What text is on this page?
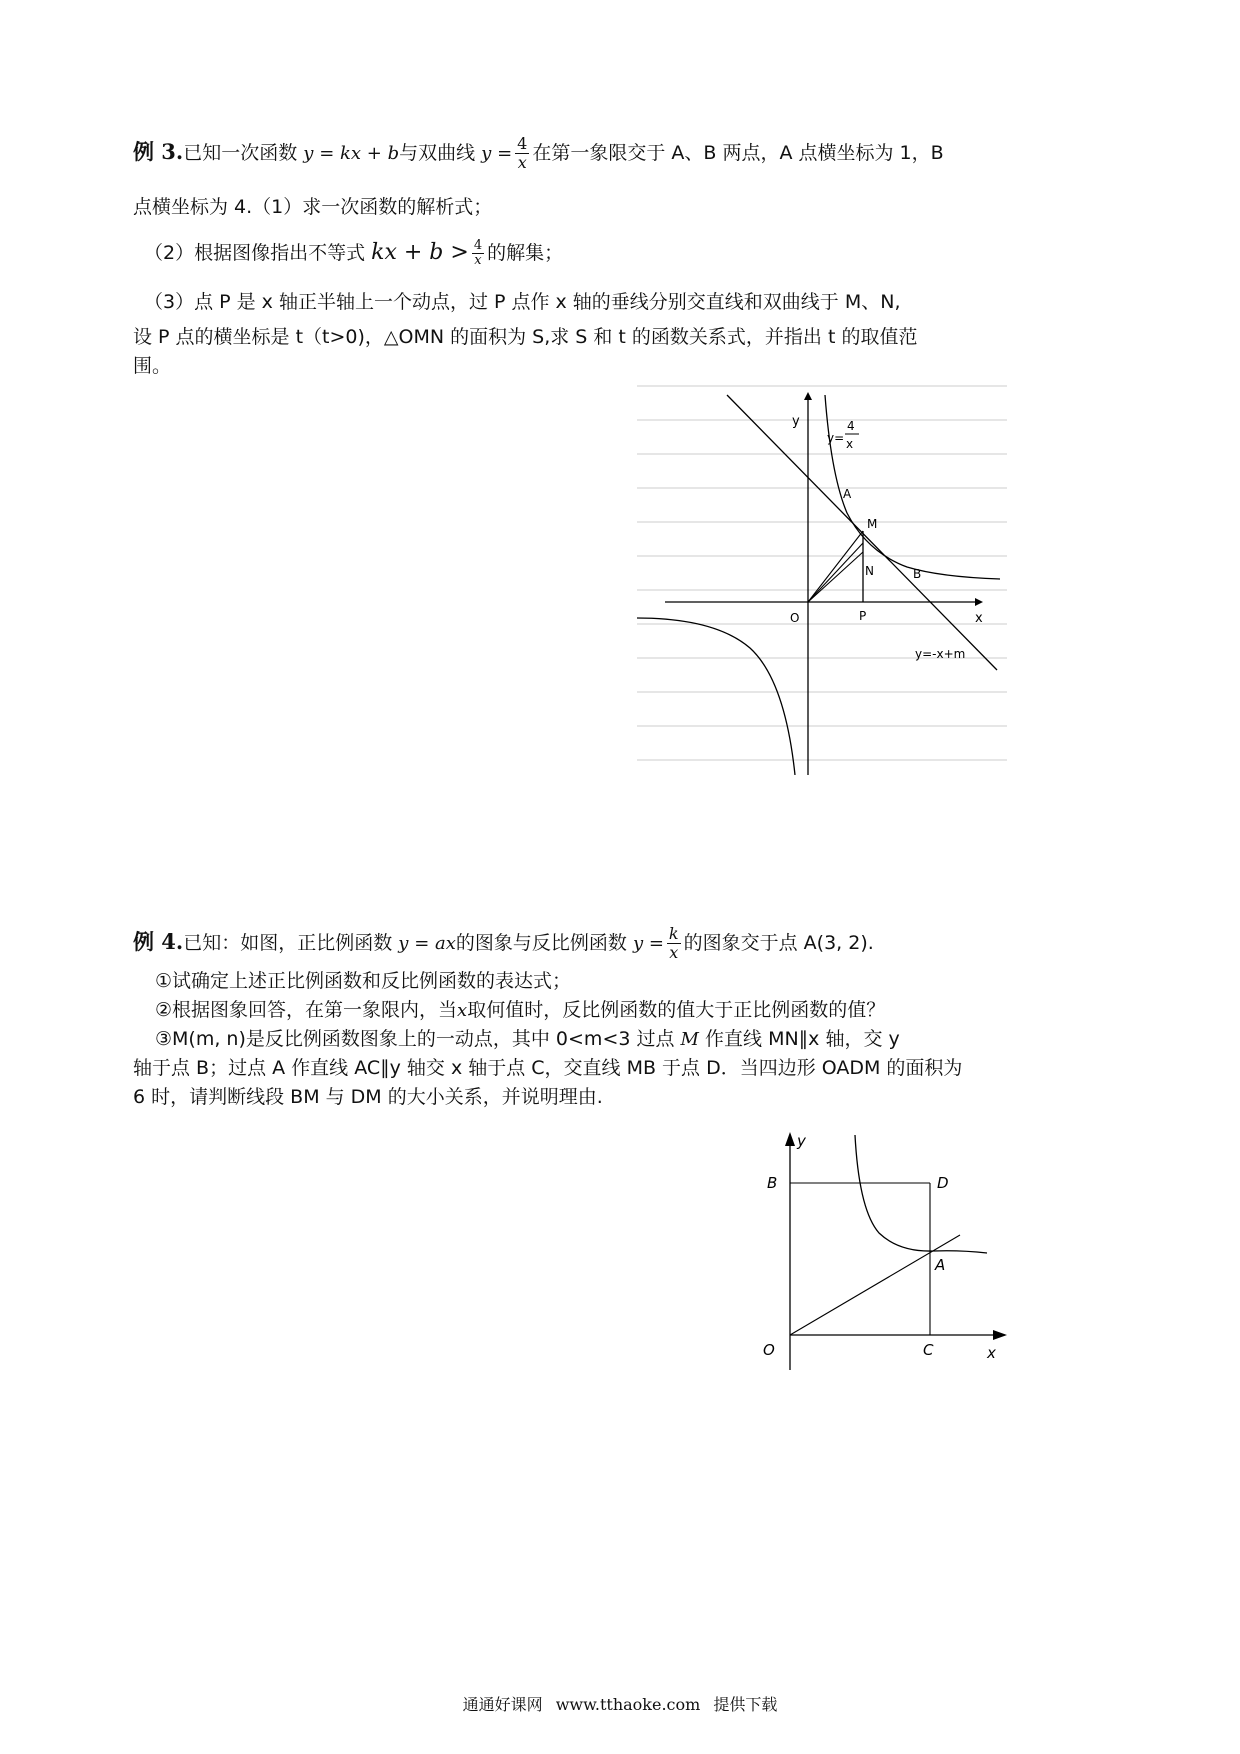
例 3.已知一次函数 y = kx + b与双曲线 $y = \frac{4}{x}$ 在第一象限交于 A、B 两点，A 点横坐标为 1，B
点横坐标为 4.（1）求一次函数的解析式；
（2）根据图像指出不等式 kx + $b > \frac{4}{x}$ 的解集；
（3）点 P 是 x 轴正半轴上一个动点，过 P 点作 x 轴的垂线分别交直线和双曲线于 M、N,
设 P 点的横坐标是 t（t>0)，△OMN 的面积为 S,求 S 和 t 的函数关系式，并指出 t 的取值范
围。
y
x
O
y=
4
x
A
M
N	B
P
y=-x+m
例 4.已知：如图，正比例函数 y = ax的图象与反比例函数 $y = \frac{k}{x}$ 的图象交于点 A(3, 2).
①试确定上述正比例函数和反比例函数的表达式；
②根据图象回答，在第一象限内，当x取何值时，反比例函数的值大于正比例函数的值？
③M(m, n)是反比例函数图象上的一动点，其中 0<m<3 过点 M 作直线 MN∥x 轴，交 y
轴于点 B；过点 A 作直线 AC∥y 轴交 x 轴于点 C，交直线 MB 于点 D．当四边形 OADM 的面积为
6 时，请判断线段 BM 与 DM 的大小关系，并说明理由.
y
x
O
B	D
A
C
通通好课网 www.tthaoke.com 提供下载
